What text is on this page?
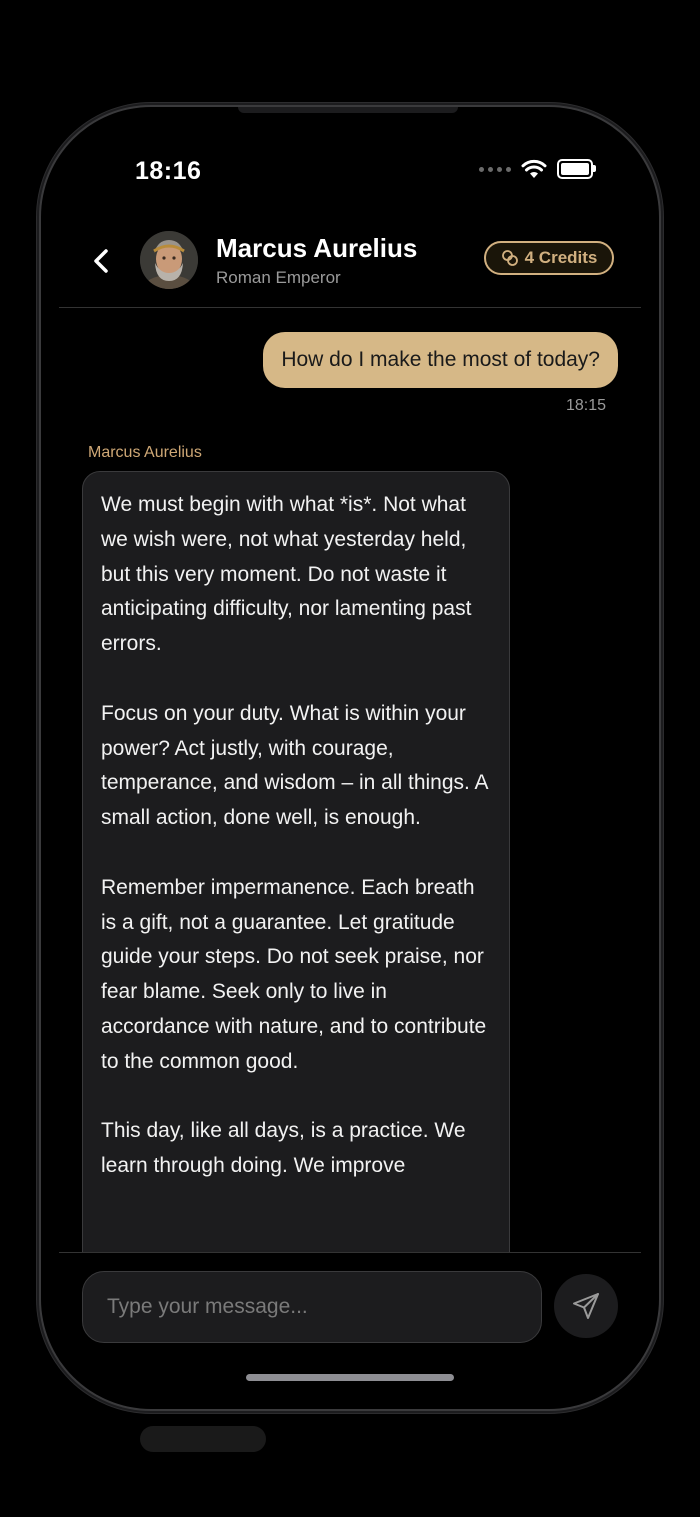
18:16
Marcus Aurelius
Roman Emperor
4 Credits
How do I make the most of today?
18:15
Marcus Aurelius

We must begin with what *is*. Not what we wish were, not what yesterday held, but this very moment. Do not waste it anticipating difficulty, nor lamenting past errors.

Focus on your duty. What is within your power? Act justly, with courage, temperance, and wisdom – in all things. A small action, done well, is enough.

Remember impermanence. Each breath is a gift, not a guarantee. Let gratitude guide your steps. Do not seek praise, nor fear blame. Seek only to live in accordance with nature, and to contribute to the common good.

This day, like all days, is a practice. We learn through doing. We improve

Type your message...
